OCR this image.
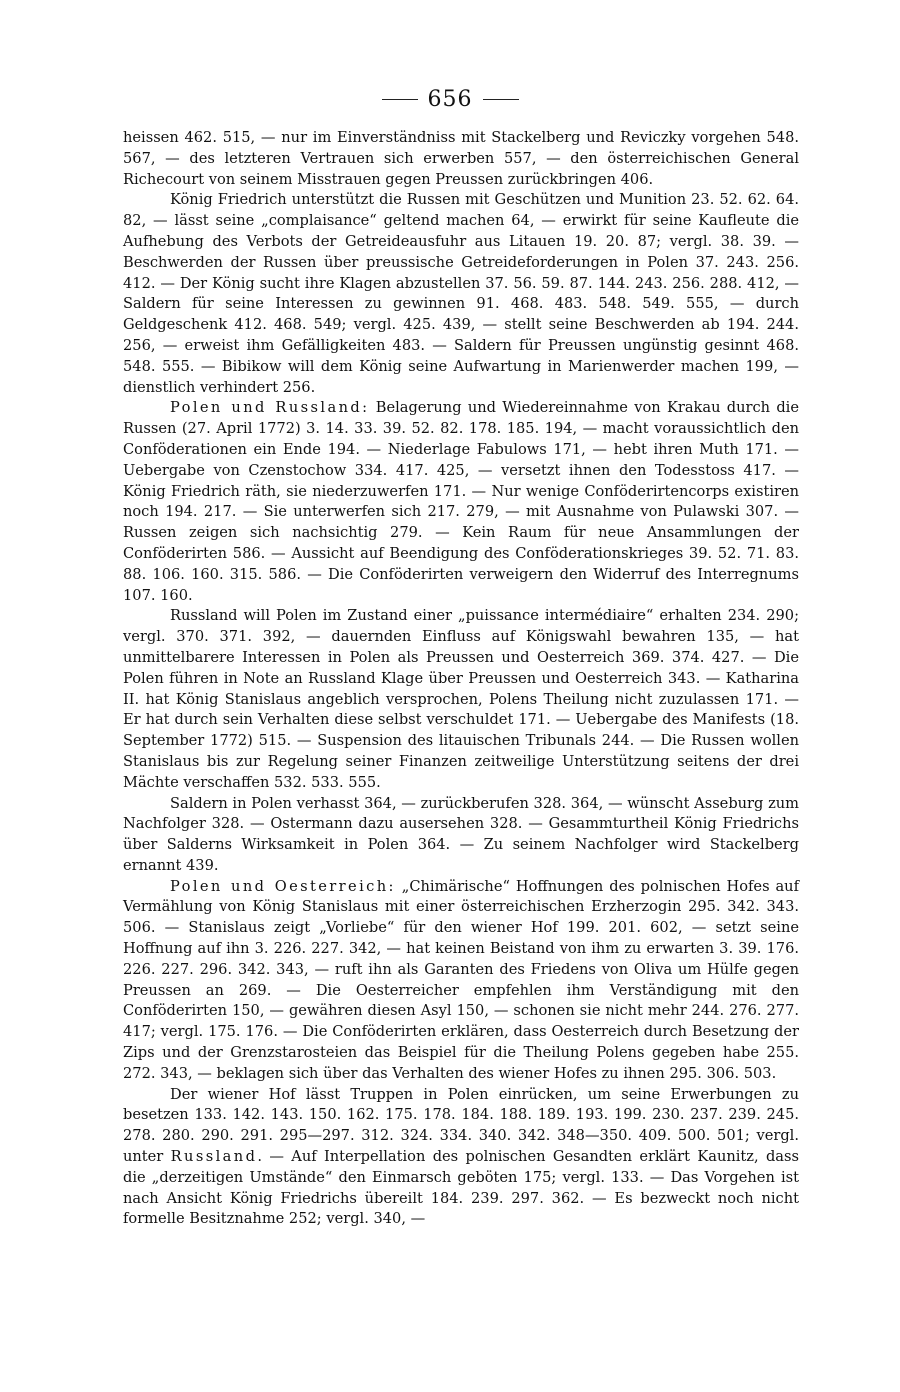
656

heissen 462. 515, — nur im Einverständniss mit Stackelberg und Reviczky vorgehen 548. 567, — des letzteren Vertrauen sich erwerben 557, — den österreichischen General Richecourt von seinem Misstrauen gegen Preussen zurückbringen 406.

König Friedrich unterstützt die Russen mit Geschützen und Munition 23. 52. 62. 64. 82, — lässt seine „complaisance“ geltend machen 64, — erwirkt für seine Kaufleute die Aufhebung des Verbots der Getreideausfuhr aus Litauen 19. 20. 87; vergl. 38. 39. — Beschwerden der Russen über preussische Getreideforderungen in Polen 37. 243. 256. 412. — Der König sucht ihre Klagen abzustellen 37. 56. 59. 87. 144. 243. 256. 288. 412, — Saldern für seine Interessen zu gewinnen 91. 468. 483. 548. 549. 555, — durch Geldgeschenk 412. 468. 549; vergl. 425. 439, — stellt seine Beschwerden ab 194. 244. 256, — erweist ihm Gefälligkeiten 483. — Saldern für Preussen ungünstig gesinnt 468. 548. 555. — Bibikow will dem König seine Aufwartung in Marienwerder machen 199, — dienstlich verhindert 256.

Polen und Russland: Belagerung und Wiedereinnahme von Krakau durch die Russen (27. April 1772) 3. 14. 33. 39. 52. 82. 178. 185. 194, — macht voraussichtlich den Conföderationen ein Ende 194. — Niederlage Fabulows 171, — hebt ihren Muth 171. — Uebergabe von Czenstochow 334. 417. 425, — versetzt ihnen den Todesstoss 417. — König Friedrich räth, sie niederzuwerfen 171. — Nur wenige Conföderirtencorps existiren noch 194. 217. — Sie unterwerfen sich 217. 279, — mit Ausnahme von Pulawski 307. — Russen zeigen sich nachsichtig 279. — Kein Raum für neue Ansammlungen der Conföderirten 586. — Aussicht auf Beendigung des Conföderationskrieges 39. 52. 71. 83. 88. 106. 160. 315. 586. — Die Conföderirten verweigern den Widerruf des Interregnums 107. 160.

Russland will Polen im Zustand einer „puissance intermédiaire“ erhalten 234. 290; vergl. 370. 371. 392, — dauernden Einfluss auf Königswahl bewahren 135, — hat unmittelbarere Interessen in Polen als Preussen und Oesterreich 369. 374. 427. — Die Polen führen in Note an Russland Klage über Preussen und Oesterreich 343. — Katharina II. hat König Stanislaus angeblich versprochen, Polens Theilung nicht zuzulassen 171. — Er hat durch sein Verhalten diese selbst verschuldet 171. — Uebergabe des Manifests (18. September 1772) 515. — Suspension des litauischen Tribunals 244. — Die Russen wollen Stanislaus bis zur Regelung seiner Finanzen zeitweilige Unterstützung seitens der drei Mächte verschaffen 532. 533. 555.

Saldern in Polen verhasst 364, — zurückberufen 328. 364, — wünscht Asseburg zum Nachfolger 328. — Ostermann dazu ausersehen 328. — Gesammturtheil König Friedrichs über Salderns Wirksamkeit in Polen 364. — Zu seinem Nachfolger wird Stackelberg ernannt 439.

Polen und Oesterreich: „Chimärische“ Hoffnungen des polnischen Hofes auf Vermählung von König Stanislaus mit einer österreichischen Erzherzogin 295. 342. 343. 506. — Stanislaus zeigt „Vorliebe“ für den wiener Hof 199. 201. 602, — setzt seine Hoffnung auf ihn 3. 226. 227. 342, — hat keinen Beistand von ihm zu erwarten 3. 39. 176. 226. 227. 296. 342. 343, — ruft ihn als Garanten des Friedens von Oliva um Hülfe gegen Preussen an 269. — Die Oesterreicher empfehlen ihm Verständigung mit den Conföderirten 150, — gewähren diesen Asyl 150, — schonen sie nicht mehr 244. 276. 277. 417; vergl. 175. 176. — Die Conföderirten erklären, dass Oesterreich durch Besetzung der Zips und der Grenzstarosteien das Beispiel für die Theilung Polens gegeben habe 255. 272. 343, — beklagen sich über das Verhalten des wiener Hofes zu ihnen 295. 306. 503.

Der wiener Hof lässt Truppen in Polen einrücken, um seine Erwerbungen zu besetzen 133. 142. 143. 150. 162. 175. 178. 184. 188. 189. 193. 199. 230. 237. 239. 245. 278. 280. 290. 291. 295—297. 312. 324. 334. 340. 342. 348—350. 409. 500. 501; vergl. unter Russland. — Auf Interpellation des polnischen Gesandten erklärt Kaunitz, dass die „derzeitigen Umstände“ den Einmarsch geböten 175; vergl. 133. — Das Vorgehen ist nach Ansicht König Friedrichs übereilt 184. 239. 297. 362. — Es bezweckt noch nicht formelle Besitznahme 252; vergl. 340, —
